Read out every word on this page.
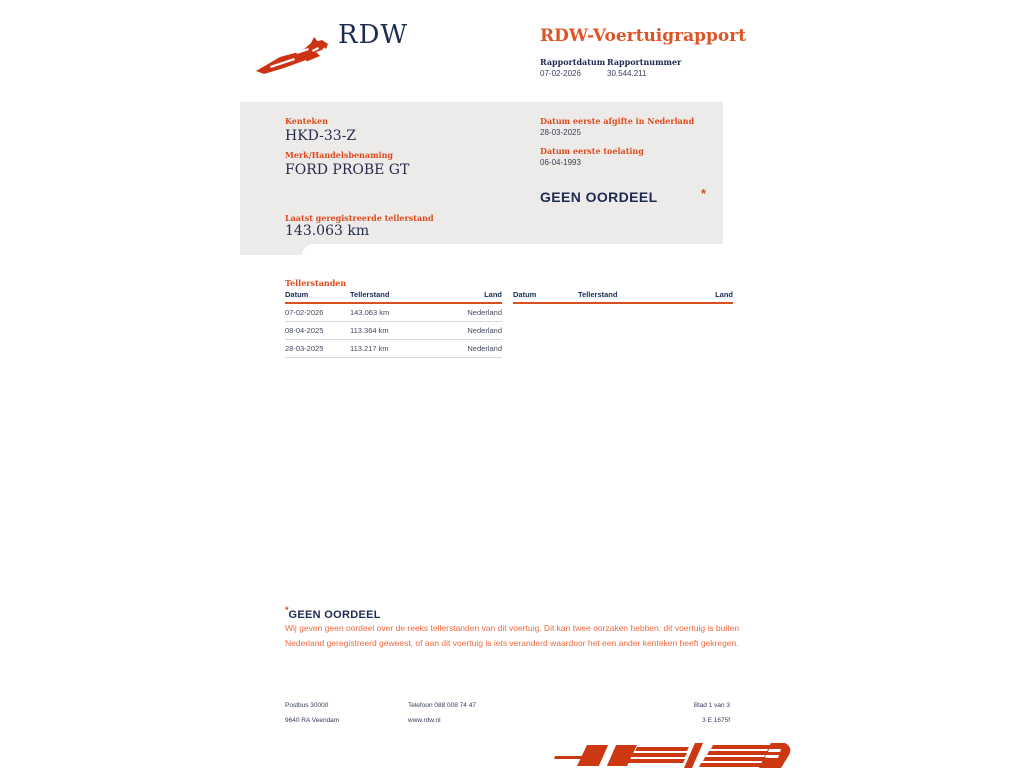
RDW	RDW-Voertuigrapport
Rapportdatum Rapportnummer
07-02-2026	30.544.211
Kenteken
HKD-33-Z
Merk/Handelsbenaming
FORD PROBE GT
Laatst geregistreerde tellerstand
143.063 km
Datum eerste afgifte in Nederland
28-03-2025
Datum eerste toelating
06-04-1993
GEEN OORDEEL	*
Tellerstanden
Datum	Tellerstand	Land
07-02-2026	143.063 km	Nederland
08-04-2025	113.364 km	Nederland
28-03-2025	113.217 km	Nederland
Datum	Tellerstand	Land
*GEEN OORDEEL
Wij geven geen oordeel over de reeks tellerstanden van dit voertuig. Dit kan twee oorzaken hebben: dit voertuig is buiten Nederland geregistreerd geweest, of aan dit voertuig is iets veranderd waardoor het een ander kenteken heeft gekregen.
Postbus 30000
9640 RA Veendam
Telefoon 088 008 74 47
www.rdw.nl
Blad 1 van 3
3 E 1675f
